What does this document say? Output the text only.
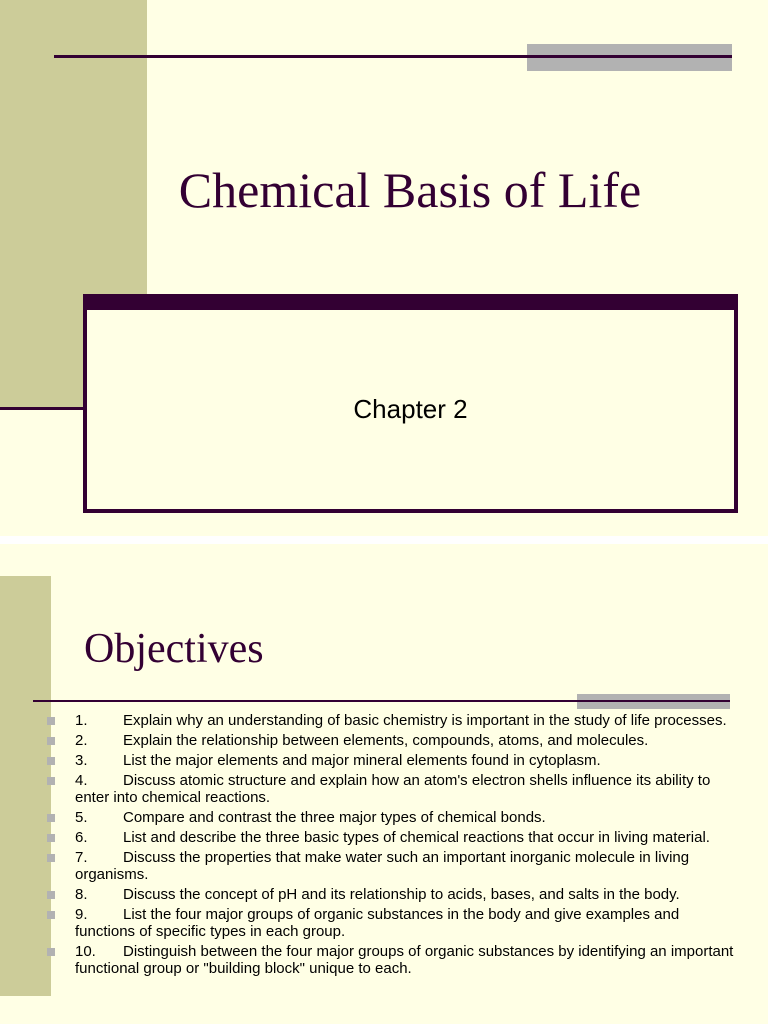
Chemical Basis of Life
Chapter 2
Objectives
1. Explain why an understanding of basic chemistry is important in the study of life processes.
2. Explain the relationship between elements, compounds, atoms, and molecules.
3. List the major elements and major mineral elements found in cytoplasm.
4. Discuss atomic structure and explain how an atom's electron shells influence its ability to enter into chemical reactions.
5. Compare and contrast the three major types of chemical bonds.
6. List and describe the three basic types of chemical reactions that occur in living material.
7. Discuss the properties that make water such an important inorganic molecule in living organisms.
8. Discuss the concept of pH and its relationship to acids, bases, and salts in the body.
9. List the four major groups of organic substances in the body and give examples and functions of specific types in each group.
10. Distinguish between the four major groups of organic substances by identifying an important functional group or "building block" unique to each.
